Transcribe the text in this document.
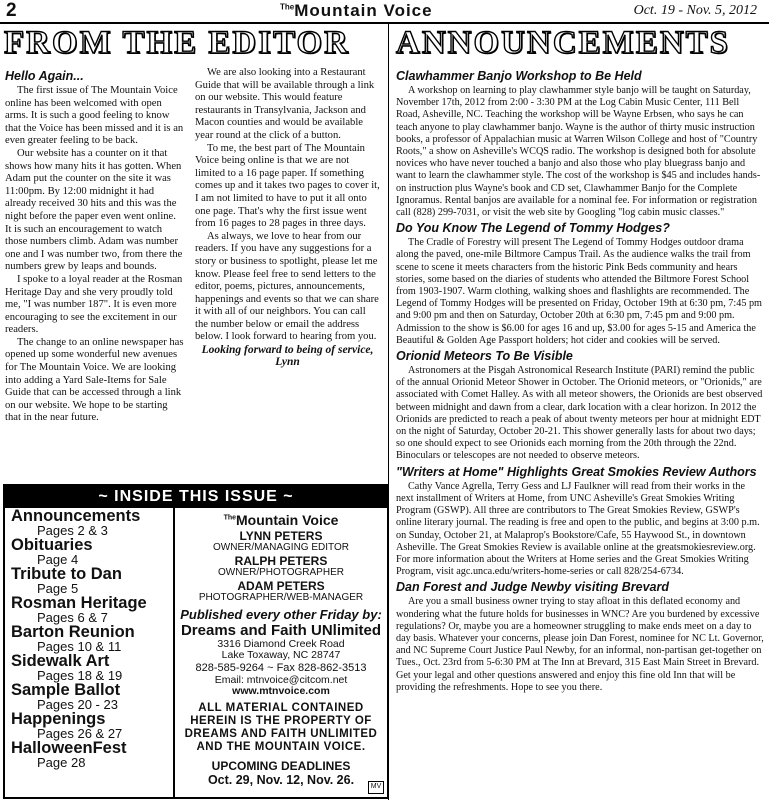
2	$^{The}$Mountain Voice	Oct. 19 - Nov. 5, 2012
FROM THE EDITOR ANNOUNCEMENTS
Hello Again...

The first issue of The Mountain Voice online has been welcomed with open arms. It is such a good feeling to know that the Voice has been missed and it is an even greater feeling to be back.

Our website has a counter on it that shows how many hits it has gotten. When Adam put the counter on the site it was 11:00pm. By 12:00 midnight it had already received 30 hits and this was the night before the paper even went online. It is such an encouragement to watch those numbers climb. Adam was number one and I was number two, from there the numbers grew by leaps and bounds.

I spoke to a loyal reader at the Rosman Heritage Day and she very proudly told me, "I was number 187". It is even more encouraging to see the excitement in our readers.

The change to an online newspaper has opened up some wonderful new avenues for The Mountain Voice. We are looking into adding a Yard Sale-Items for Sale Guide that can be accessed through a link on our website. We hope to be starting that in the near future.

We are also looking into a Restaurant Guide that will be available through a link on our website. This would feature restaurants in Transylvania, Jackson and Macon counties and would be available year round at the click of a button.

To me, the best part of The Mountain Voice being online is that we are not limited to a 16 page paper. If something comes up and it takes two pages to cover it, I am not limited to have to put it all onto one page. That's why the first issue went from 16 pages to 28 pages in three days.

As always, we love to hear from our readers. If you have any suggestions for a story or business to spotlight, please let me know. Please feel free to send letters to the editor, poems, pictures, announcements, happenings and events so that we can share it with all of our neighbors. You can call the number below or email the address below. I look forward to hearing from you.

Looking forward to being of service,
Lynn
~ INSIDE THIS ISSUE ~
Announcements
Pages 2 & 3
Obituaries
Page 4
Tribute to Dan
Page 5
Rosman Heritage
Pages 6 & 7
Barton Reunion
Pages 10 & 11
Sidewalk Art
Pages 18 & 19
Sample Ballot
Pages 20 - 23
Happenings
Pages 26 & 27
HalloweenFest
Page 28
$^{The}$Mountain Voice
LYNN PETERS
OWNER/MANAGING EDITOR
RALPH PETERS
OWNER/PHOTOGRAPHER
ADAM PETERS
PHOTOGRAPHER/WEB-MANAGER
Published every other Friday by:
Dreams and Faith UNlimited
3316 Diamond Creek Road
Lake Toxaway, NC 28747
828-585-9264 ~ Fax 828-862-3513
Email: mtnvoice@citcom.net
www.mtnvoice.com
ALL MATERIAL CONTAINED HEREIN IS THE PROPERTY OF DREAMS AND FAITH UNLIMITED AND THE MOUNTAIN VOICE.
UPCOMING DEADLINES
Oct. 29, Nov. 12, Nov. 26.	MV
Clawhammer Banjo Workshop to Be Held

A workshop on learning to play clawhammer style banjo will be taught on Saturday, November 17th, 2012 from 2:00 - 3:30 PM at the Log Cabin Music Center, 111 Bell Road, Asheville, NC. Teaching the workshop will be Wayne Erbsen, who says he can teach anyone to play clawhammer banjo. Wayne is the author of thirty music instruction books, a professor of Appalachian music at Warren Wilson College and host of "Country Roots," a show on Asheville's WCQS radio. The workshop is designed both for absolute novices who have never touched a banjo and also those who play bluegrass banjo and want to learn the clawhammer style. The cost of the workshop is $45 and includes hands-on instruction plus Wayne's book and CD set, Clawhammer Banjo for the Complete Ignoramus. Rental banjos are available for a nominal fee. For information or registration call (828) 299-7031, or visit the web site by Googling "log cabin music classes."

Do You Know The Legend of Tommy Hodges?

The Cradle of Forestry will present The Legend of Tommy Hodges outdoor drama along the paved, one-mile Biltmore Campus Trail. As the audience walks the trail from scene to scene it meets characters from the historic Pink Beds community and hears stories, some based on the diaries of students who attended the Biltmore Forest School from 1903-1907. Warm clothing, walking shoes and flashlights are recommended. The Legend of Tommy Hodges will be presented on Friday, October 19th at 6:30 pm, 7:45 pm and 9:00 pm and then on Saturday, October 20th at 6:30 pm, 7:45 pm and 9:00 pm. Admission to the show is $6.00 for ages 16 and up, $3.00 for ages 5-15 and America the Beautiful & Golden Age Passport holders; hot cider and cookies will be served.

Orionid Meteors To Be Visible

Astronomers at the Pisgah Astronomical Research Institute (PARI) remind the public of the annual Orionid Meteor Shower in October. The Orionid meteors, or "Orionids," are associated with Comet Halley. As with all meteor showers, the Orionids are best observed between midnight and dawn from a clear, dark location with a clear horizon. In 2012 the Orionids are predicted to reach a peak of about twenty meteors per hour at midnight EDT on the night of Saturday, October 20-21. This shower generally lasts for about two days; so one should expect to see Orionids each morning from the 20th through the 22nd. Binoculars or telescopes are not needed to observe meteors.

"Writers at Home" Highlights Great Smokies Review Authors

Cathy Vance Agrella, Terry Gess and LJ Faulkner will read from their works in the next installment of Writers at Home, from UNC Asheville's Great Smokies Writing Program (GSWP). All three are contributors to The Great Smokies Review, GSWP's online literary journal. The reading is free and open to the public, and begins at 3:00 p.m. on Sunday, October 21, at Malaprop's Bookstore/Cafe, 55 Haywood St., in downtown Asheville. The Great Smokies Review is available online at the greatsmokiesreview.org. For more information about the Writers at Home series and the Great Smokies Writing Program, visit agc.unca.edu/writers-home-series or call 828/254-6734.

Dan Forest and Judge Newby visiting Brevard

Are you a small business owner trying to stay afloat in this deflated economy and wondering what the future holds for businesses in WNC? Are you burdened by excessive regulations? Or, maybe you are a homeowner struggling to make ends meet on a day to day basis. Whatever your concerns, please join Dan Forest, nominee for NC Lt. Governor, and NC Supreme Court Justice Paul Newby, for an informal, non-partisan get-together on Tues., Oct. 23rd from 5-6:30 PM at The Inn at Brevard, 315 East Main Street in Brevard. Get your legal and other questions answered and enjoy this fine old Inn that will be providing the refreshments. Hope to see you there.
